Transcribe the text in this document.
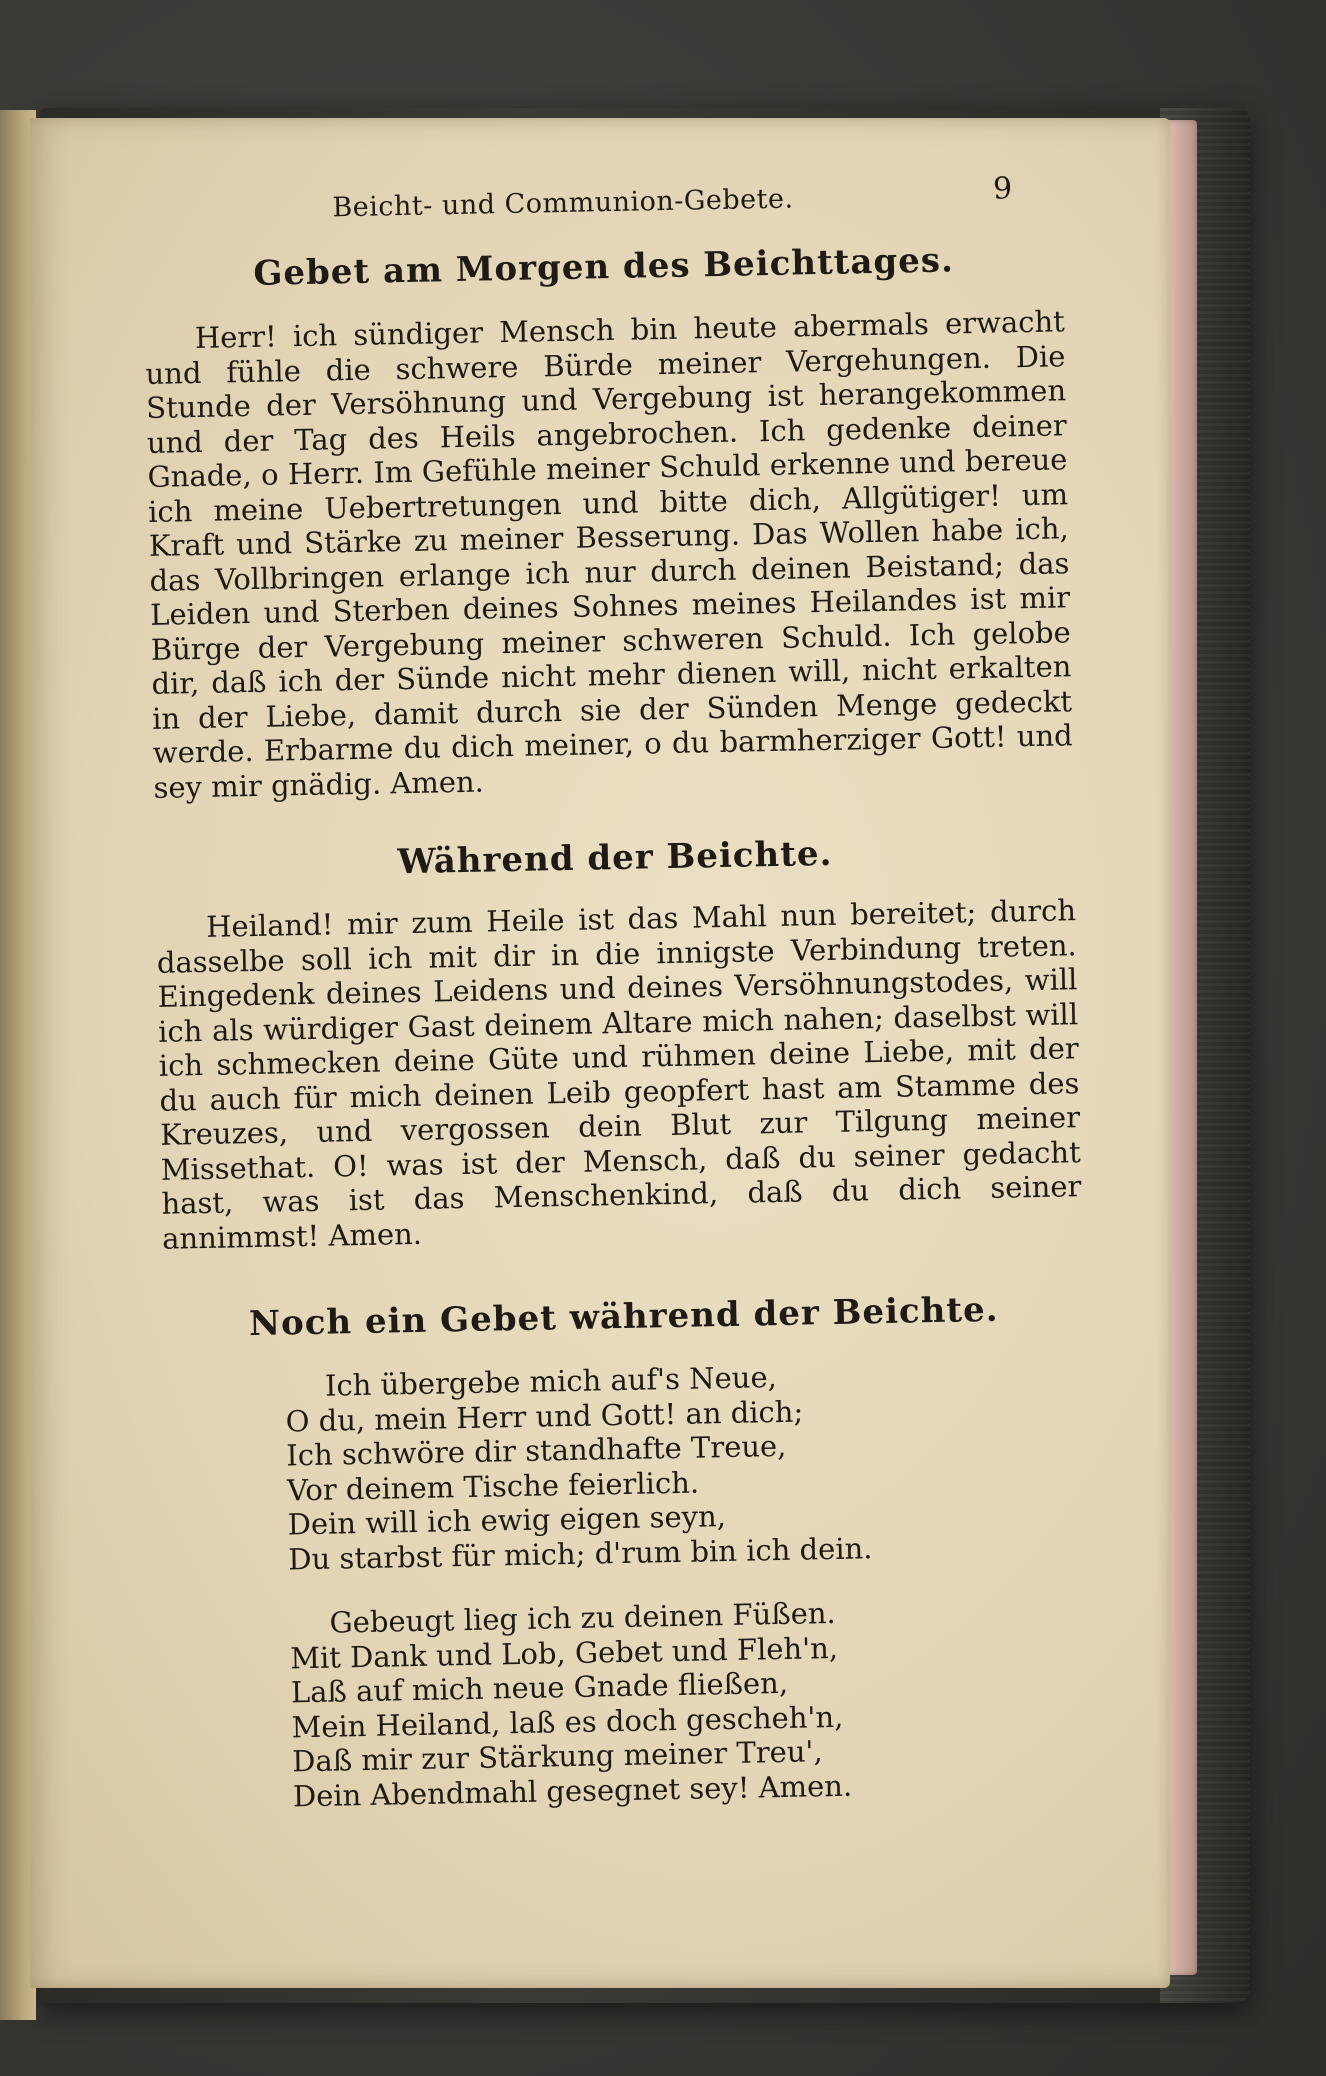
Beicht- und Communion-Gebete.	9
Gebet am Morgen des Beichttages.

Herr! ich sündiger Mensch bin heute abermals erwacht und fühle die schwere Bürde meiner Vergehungen. Die Stunde der Versöhnung und Vergebung ist herangekommen und der Tag des Heils angebrochen. Ich gedenke deiner Gnade, o Herr. Im Gefühle meiner Schuld erkenne und bereue ich meine Uebertretungen und bitte dich, Allgütiger! um Kraft und Stärke zu meiner Besserung. Das Wollen habe ich, das Vollbringen erlange ich nur durch deinen Beistand; das Leiden und Sterben deines Sohnes meines Heilandes ist mir Bürge der Vergebung meiner schweren Schuld. Ich gelobe dir, daß ich der Sünde nicht mehr dienen will, nicht erkalten in der Liebe, damit durch sie der Sünden Menge gedeckt werde. Erbarme du dich meiner, o du barmherziger Gott! und sey mir gnädig. Amen.

Während der Beichte.

Heiland! mir zum Heile ist das Mahl nun bereitet; durch dasselbe soll ich mit dir in die innigste Verbindung treten. Eingedenk deines Leidens und deines Versöhnungstodes, will ich als würdiger Gast deinem Altare mich nahen; daselbst will ich schmecken deine Güte und rühmen deine Liebe, mit der du auch für mich deinen Leib geopfert hast am Stamme des Kreuzes, und vergossen dein Blut zur Tilgung meiner Missethat. O! was ist der Mensch, daß du seiner gedacht hast, was ist das Menschenkind, daß du dich seiner annimmst! Amen.

Noch ein Gebet während der Beichte.
Ich übergebe mich auf's Neue,
O du, mein Herr und Gott! an dich;
Ich schwöre dir standhafte Treue,
Vor deinem Tische feierlich.
Dein will ich ewig eigen seyn,
Du starbst für mich; d'rum bin ich dein.
Gebeugt lieg ich zu deinen Füßen.
Mit Dank und Lob, Gebet und Fleh'n,
Laß auf mich neue Gnade fließen,
Mein Heiland, laß es doch gescheh'n,
Daß mir zur Stärkung meiner Treu',
Dein Abendmahl gesegnet sey! Amen.
